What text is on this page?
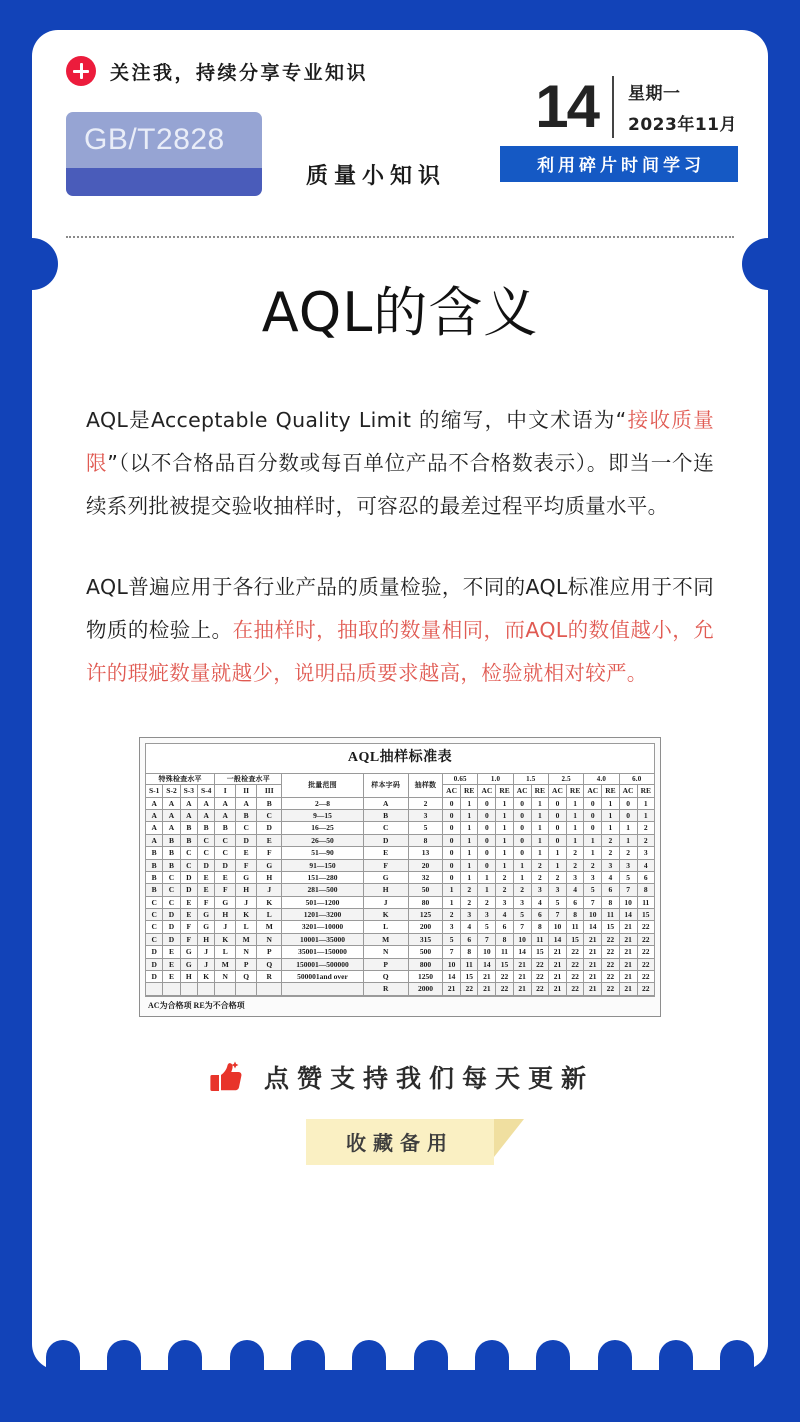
关注我，持续分享专业知识
14	星期一
2023年11月
利用碎片时间学习
GB/T2828
质量小知识
AQL的含义

AQL是Acceptable Quality Limit 的缩写，中文术语为“接收质量限”（以不合格品百分数或每百单位产品不合格数表示）。即当一个连续系列批被提交验收抽样时，可容忍的最差过程平均质量水平。

AQL普遍应用于各行业产品的质量检验，不同的AQL标准应用于不同物质的检验上。在抽样时，抽取的数量相同，而AQL的数值越小，允许的瑕疵数量就越少，说明品质要求越高，检验就相对较严。

AQL抽样标准表																					
特殊检查水平				一般检查水平			批量范围	样本字码	抽样数	0.65		1.0		1.5		2.5		4.0		6.0	
S-1	S-2	S-3	S-4	I	II	III				AC	RE	AC	RE	AC	RE	AC	RE	AC	RE	AC	RE
A	A	A	A	A	A	B	2—8	A	2	0	1	0	1	0	1	0	1	0	1	0	1
A	A	A	A	A	B	C	9—15	B	3	0	1	0	1	0	1	0	1	0	1	0	1
A	A	B	B	B	C	D	16—25	C	5	0	1	0	1	0	1	0	1	0	1	1	2
A	B	B	C	C	D	E	26—50	D	8	0	1	0	1	0	1	0	1	1	2	1	2
B	B	C	C	C	E	F	51—90	E	13	0	1	0	1	0	1	1	2	1	2	2	3
B	B	C	D	D	F	G	91—150	F	20	0	1	0	1	1	2	1	2	2	3	3	4
B	C	D	E	E	G	H	151—280	G	32	0	1	1	2	1	2	2	3	3	4	5	6
B	C	D	E	F	H	J	281—500	H	50	1	2	1	2	2	3	3	4	5	6	7	8
C	C	E	F	G	J	K	501—1200	J	80	1	2	2	3	3	4	5	6	7	8	10	11
C	D	E	G	H	K	L	1201—3200	K	125	2	3	3	4	5	6	7	8	10	11	14	15
C	D	F	G	J	L	M	3201—10000	L	200	3	4	5	6	7	8	10	11	14	15	21	22
C	D	F	H	K	M	N	10001—35000	M	315	5	6	7	8	10	11	14	15	21	22	21	22
D	E	G	J	L	N	P	35001—150000	N	500	7	8	10	11	14	15	21	22	21	22	21	22
D	E	G	J	M	P	Q	150001—500000	P	800	10	11	14	15	21	22	21	22	21	22	21	22
D	E	H	K	N	Q	R	500001and over	Q	1250	14	15	21	22	21	22	21	22	21	22	21	22
								R	2000	21	22	21	22	21	22	21	22	21	22	21	22
AC为合格项 RE为不合格项
点赞支持我们每天更新
收藏备用
